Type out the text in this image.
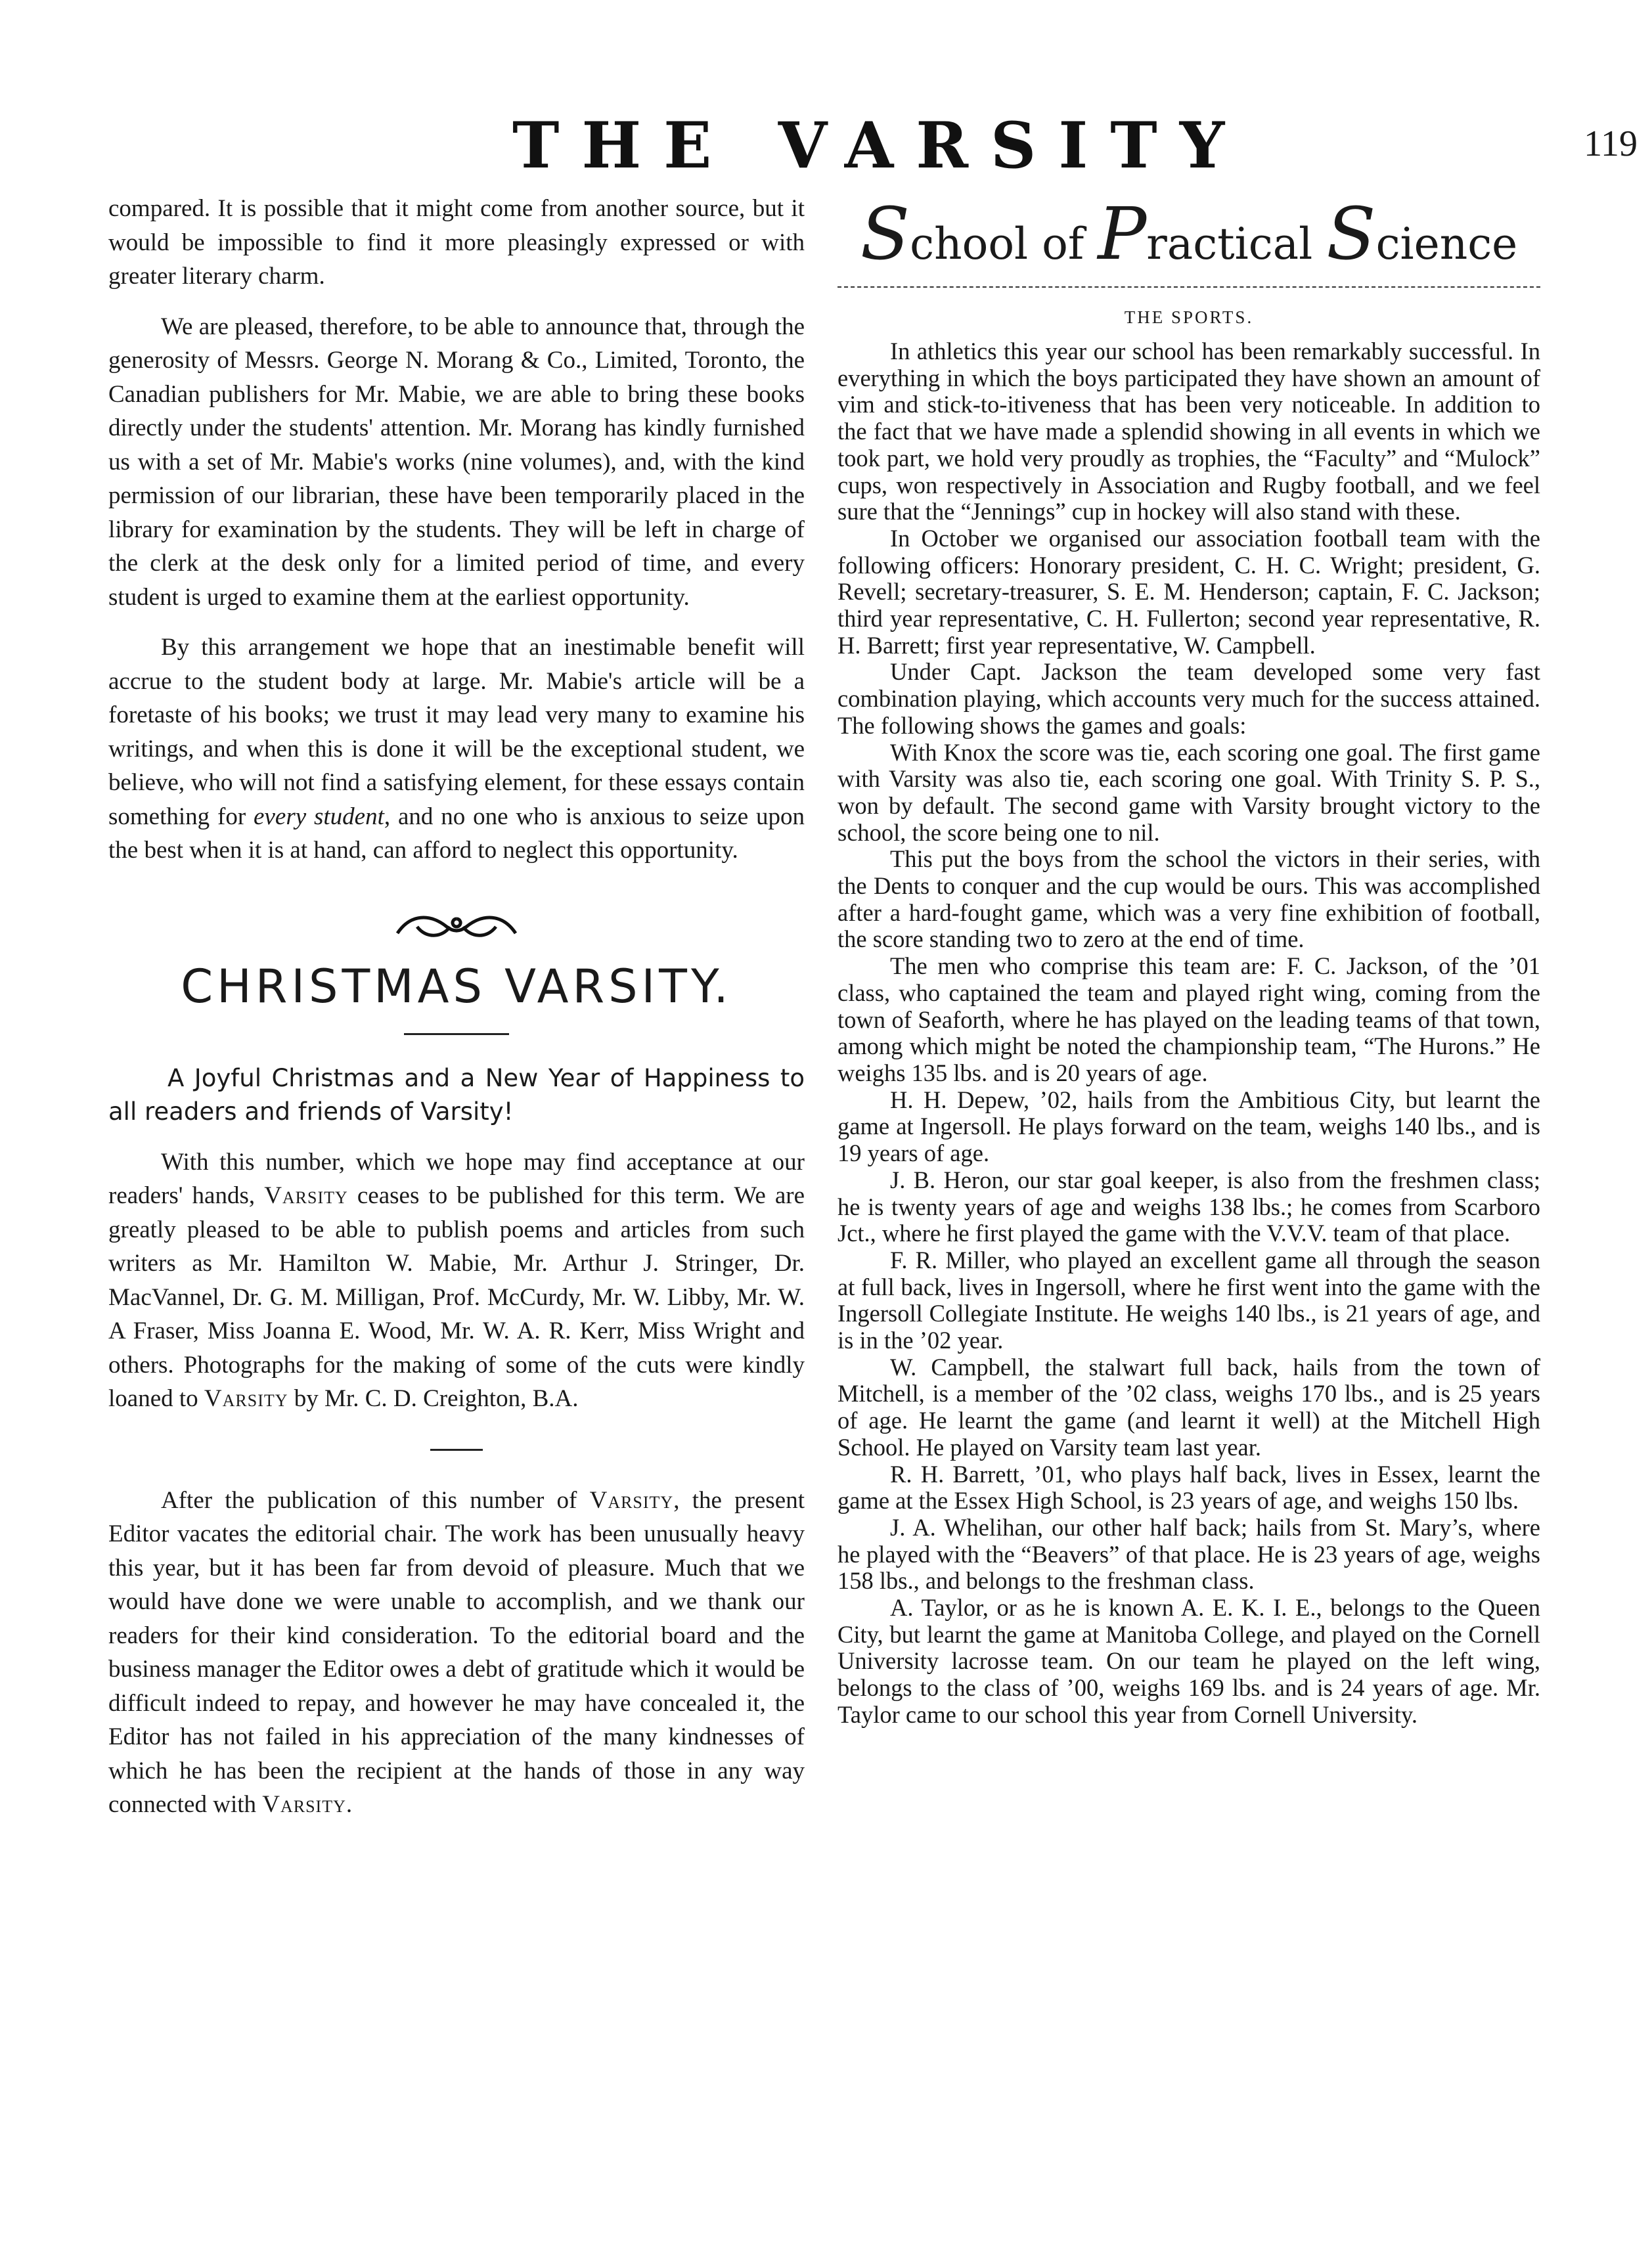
THE VARSITY	119

compared. It is possible that it might come from another source, but it would be impossible to find it more pleasingly expressed or with greater literary charm.

We are pleased, therefore, to be able to announce that, through the generosity of Messrs. George N. Morang & Co., Limited, Toronto, the Canadian publishers for Mr. Mabie, we are able to bring these books directly under the students' attention. Mr. Morang has kindly furnished us with a set of Mr. Mabie's works (nine volumes), and, with the kind permission of our librarian, these have been temporarily placed in the library for examination by the students. They will be left in charge of the clerk at the desk only for a limited period of time, and every student is urged to examine them at the earliest opportunity.

By this arrangement we hope that an inestimable benefit will accrue to the student body at large. Mr. Mabie's article will be a foretaste of his books; we trust it may lead very many to examine his writings, and when this is done it will be the exceptional student, we believe, who will not find a satisfying element, for these essays contain something for every student, and no one who is anxious to seize upon the best when it is at hand, can afford to neglect this opportunity.

CHRISTMAS VARSITY.

A Joyful Christmas and a New Year of Happiness to all readers and friends of Varsity!

With this number, which we hope may find acceptance at our readers' hands, Varsity ceases to be published for this term. We are greatly pleased to be able to publish poems and articles from such writers as Mr. Hamilton W. Mabie, Mr. Arthur J. Stringer, Dr. MacVannel, Dr. G. M. Milligan, Prof. McCurdy, Mr. W. Libby, Mr. W. A Fraser, Miss Joanna E. Wood, Mr. W. A. R. Kerr, Miss Wright and others. Photographs for the making of some of the cuts were kindly loaned to Varsity by Mr. C. D. Creighton, B.A.

After the publication of this number of Varsity, the present Editor vacates the editorial chair. The work has been unusually heavy this year, but it has been far from devoid of pleasure. Much that we would have done we were unable to accomplish, and we thank our readers for their kind consideration. To the editorial board and the business manager the Editor owes a debt of gratitude which it would be difficult indeed to repay, and however he may have concealed it, the Editor has not failed in his appreciation of the many kindnesses of which he has been the recipient at the hands of those in any way connected with Varsity.

School of Practical Science
THE SPORTS.

In athletics this year our school has been remarkably successful. In everything in which the boys participated they have shown an amount of vim and stick-to-itiveness that has been very noticeable. In addition to the fact that we have made a splendid showing in all events in which we took part, we hold very proudly as trophies, the “Faculty” and “Mulock” cups, won respectively in Association and Rugby football, and we feel sure that the “Jennings” cup in hockey will also stand with these.

In October we organised our association football team with the following officers: Honorary president, C. H. C. Wright; president, G. Revell; secretary-treasurer, S. E. M. Henderson; captain, F. C. Jackson; third year representative, C. H. Fullerton; second year representative, R. H. Barrett; first year representative, W. Campbell.

Under Capt. Jackson the team developed some very fast combination playing, which accounts very much for the success attained. The following shows the games and goals:

With Knox the score was tie, each scoring one goal. The first game with Varsity was also tie, each scoring one goal. With Trinity S. P. S., won by default. The second game with Varsity brought victory to the school, the score being one to nil.

This put the boys from the school the victors in their series, with the Dents to conquer and the cup would be ours. This was accomplished after a hard-fought game, which was a very fine exhibition of football, the score standing two to zero at the end of time.

The men who comprise this team are: F. C. Jackson, of the ’01 class, who captained the team and played right wing, coming from the town of Seaforth, where he has played on the leading teams of that town, among which might be noted the championship team, “The Hurons.” He weighs 135 lbs. and is 20 years of age.

H. H. Depew, ’02, hails from the Ambitious City, but learnt the game at Ingersoll. He plays forward on the team, weighs 140 lbs., and is 19 years of age.

J. B. Heron, our star goal keeper, is also from the freshmen class; he is twenty years of age and weighs 138 lbs.; he comes from Scarboro Jct., where he first played the game with the V.V.V. team of that place.

F. R. Miller, who played an excellent game all through the season at full back, lives in Ingersoll, where he first went into the game with the Ingersoll Collegiate Institute. He weighs 140 lbs., is 21 years of age, and is in the ’02 year.

W. Campbell, the stalwart full back, hails from the town of Mitchell, is a member of the ’02 class, weighs 170 lbs., and is 25 years of age. He learnt the game (and learnt it well) at the Mitchell High School. He played on Varsity team last year.

R. H. Barrett, ’01, who plays half back, lives in Essex, learnt the game at the Essex High School, is 23 years of age, and weighs 150 lbs.

J. A. Whelihan, our other half back; hails from St. Mary’s, where he played with the “Beavers” of that place. He is 23 years of age, weighs 158 lbs., and belongs to the freshman class.

A. Taylor, or as he is known A. E. K. I. E., belongs to the Queen City, but learnt the game at Manitoba College, and played on the Cornell University lacrosse team. On our team he played on the left wing, belongs to the class of ’00, weighs 169 lbs. and is 24 years of age. Mr. Taylor came to our school this year from Cornell University.
